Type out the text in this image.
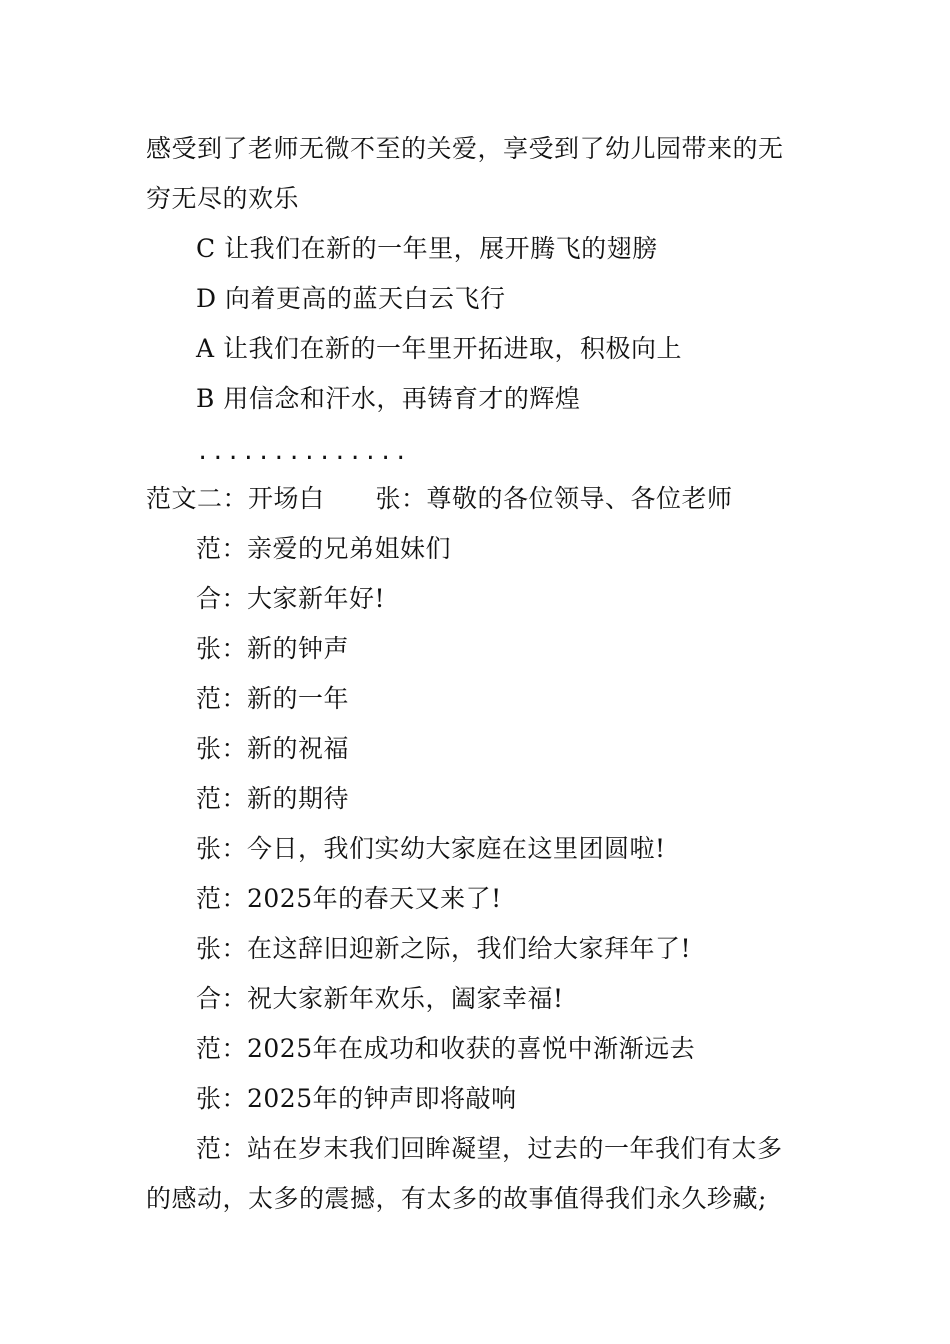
感受到了老师无微不至的关爱，享受到了幼儿园带来的无
穷无尽的欢乐
C 让我们在新的一年里，展开腾飞的翅膀
D 向着更高的蓝天白云飞行
A 让我们在新的一年里开拓进取，积极向上
B 用信念和汗水，再铸育才的辉煌
..............
范文二：开场白　　张：尊敬的各位领导、各位老师
范：亲爱的兄弟姐妹们
合：大家新年好!
张：新的钟声
范：新的一年
张：新的祝福
范：新的期待
张：今日，我们实幼大家庭在这里团圆啦!
范：2025年的春天又来了!
张：在这辞旧迎新之际，我们给大家拜年了!
合：祝大家新年欢乐，阖家幸福!
范：2025年在成功和收获的喜悦中渐渐远去
张：2025年的钟声即将敲响
范：站在岁末我们回眸凝望，过去的一年我们有太多
的感动，太多的震撼，有太多的故事值得我们永久珍藏;
